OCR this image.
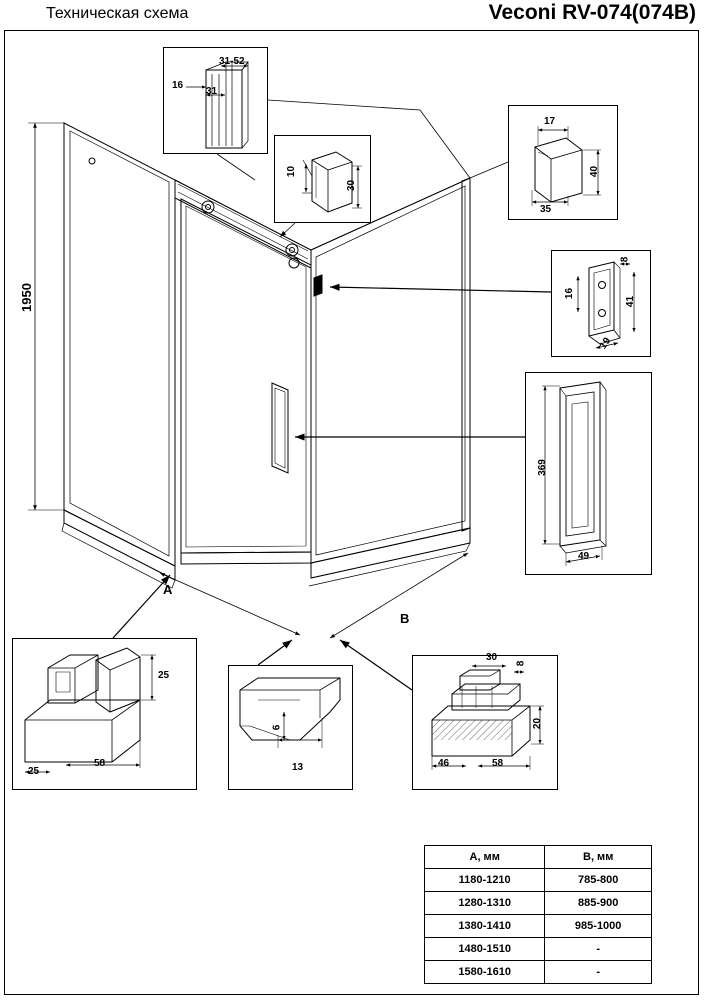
Техническая схема	Veconi RV-074(074B)
1950
A
B
31-52
16
31
10
30
17
35
40
8
16
41
19
369
49
25
25
58
6
13
30
8
20
46	58
A, мм	B, мм
1180-1210	785-800
1280-1310	885-900
1380-1410	985-1000
1480-1510	-
1580-1610	-
